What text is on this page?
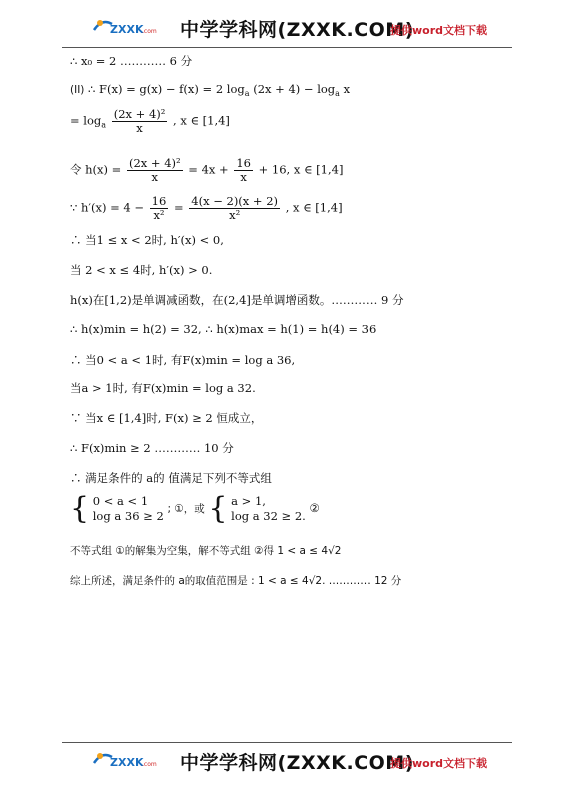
ZXXK
.com 中学学科网(ZXXK.COM)
提供word文档下载
∴ x₀ = 2 ………… 6 分
(II) ∴ F(x) = g(x) − f(x) = 2 $\log_a (2x + 4) - \log_a x$
= $\log_a \frac{\text{(2x + 4)²}}{x}$ , x ∈ [1,4]
令 $h(x) = \frac{\text{(2x + 4)²}}{x} = 4x + \frac{16}{x} + 16$, x ∈ [1,4]
∵ $h'(x) = 4 - \frac{16}{\text{x²}} = \frac{4(x - 2)(x + 2)}{\text{x²}}$ , x ∈ [1,4]
∴ 当1 ≤ x < 2时, h′(x) < 0,
当 2 < x ≤ 4时, h′(x) > 0.
h(x)在[1,2)是单调减函数，在(2,4]是单调增函数。………… 9 分
∴ h(x)min = h(2) = 32, ∴ h(x)max = h(1) = h(4) = 36
∴ 当0 < a < 1时, 有F(x)min = log a 36,
当a > 1时, 有F(x)min = log a 32.
∵ 当x ∈ [1,4]时, F(x) ≥ 2 恒成立，
∴ F(x)min ≥ 2 ………… 10 分
∴ 满足条件的 a的 值满足下列不等式组
{ 0 < a < 1
log a 36 ≥ 2 ; ①，或 { a > 1,
log a 32 ≥ 2. ②
不等式组 ①的解集为空集，解不等式组 ②得 1 < a ≤ 4√2
综上所述，满足条件的 a的取值范围是 : 1 < a ≤ 4√2. ………… 12 分
ZXXK
.com 中学学科网(ZXXK.COM)
提供word文档下载
